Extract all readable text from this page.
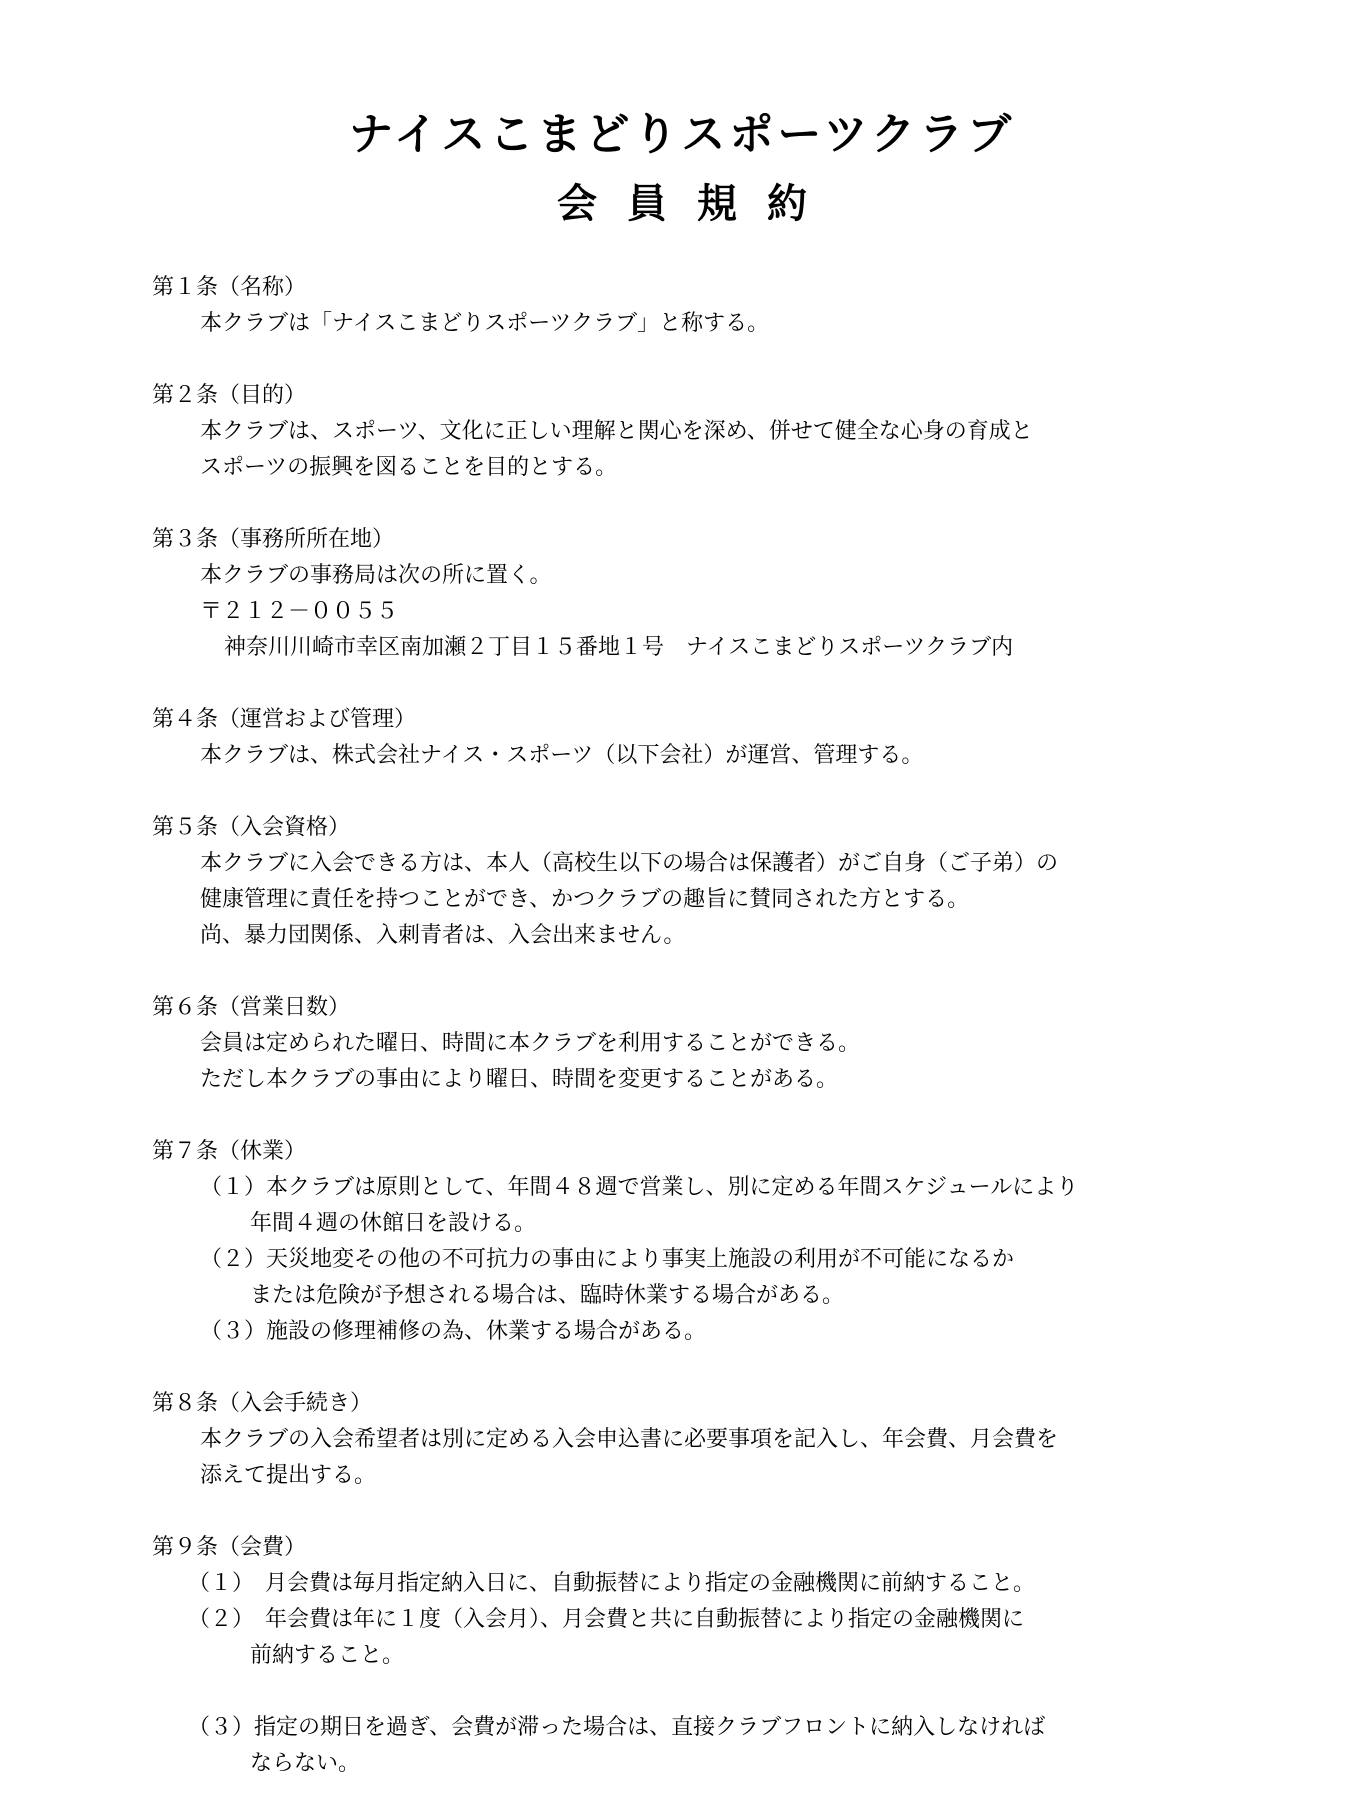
ナイスこまどりスポーツクラブ
会員規約
第１条（名称）
本クラブは「ナイスこまどりスポーツクラブ」と称する。
第２条（目的）
本クラブは、スポーツ、文化に正しい理解と関心を深め、併せて健全な心身の育成と
スポーツの振興を図ることを目的とする。
第３条（事務所所在地）
本クラブの事務局は次の所に置く。
〒２１２－００５５
神奈川川崎市幸区南加瀬２丁目１５番地１号　ナイスこまどりスポーツクラブ内
第４条（運営および管理）
本クラブは、株式会社ナイス・スポーツ（以下会社）が運営、管理する。
第５条（入会資格）
本クラブに入会できる方は、本人（高校生以下の場合は保護者）がご自身（ご子弟）の
健康管理に責任を持つことができ、かつクラブの趣旨に賛同された方とする。
尚、暴力団関係、入刺青者は、入会出来ません。
第６条（営業日数）
会員は定められた曜日、時間に本クラブを利用することができる。
ただし本クラブの事由により曜日、時間を変更することがある。
第７条（休業）
（１）本クラブは原則として、年間４８週で営業し、別に定める年間スケジュールにより
年間４週の休館日を設ける。
（２）天災地変その他の不可抗力の事由により事実上施設の利用が不可能になるか
または危険が予想される場合は、臨時休業する場合がある。
（３）施設の修理補修の為、休業する場合がある。
第８条（入会手続き）
本クラブの入会希望者は別に定める入会申込書に必要事項を記入し、年会費、月会費を
添えて提出する。
第９条（会費）
（１）　月会費は毎月指定納入日に、自動振替により指定の金融機関に前納すること。
（２）　年会費は年に１度（入会月）、月会費と共に自動振替により指定の金融機関に
前納すること。
（３）指定の期日を過ぎ、会費が滞った場合は、直接クラブフロントに納入しなければ
ならない。
